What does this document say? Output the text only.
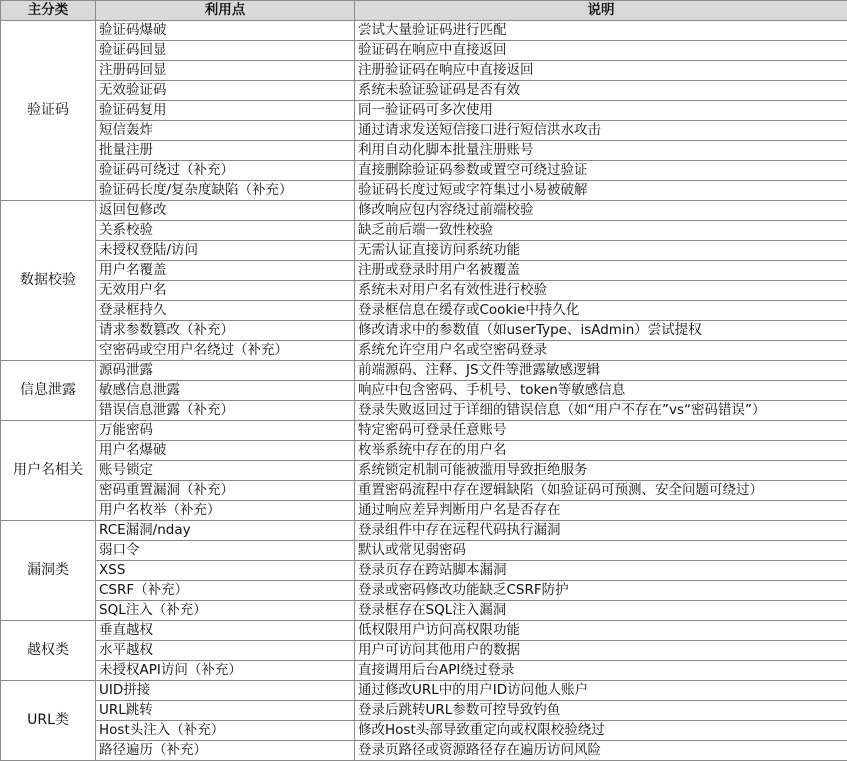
主分类	利用点	说明
验证码	验证码爆破	尝试大量验证码进行匹配
	验证码回显	验证码在响应中直接返回
	注册码回显	注册验证码在响应中直接返回
	无效验证码	系统未验证验证码是否有效
	验证码复用	同一验证码可多次使用
	短信轰炸	通过请求发送短信接口进行短信洪水攻击
	批量注册	利用自动化脚本批量注册账号
	验证码可绕过（补充）	直接删除验证码参数或置空可绕过验证
	验证码长度/复杂度缺陷（补充）	验证码长度过短或字符集过小易被破解
数据校验	返回包修改	修改响应包内容绕过前端校验
	关系校验	缺乏前后端一致性校验
	未授权登陆/访问	无需认证直接访问系统功能
	用户名覆盖	注册或登录时用户名被覆盖
	无效用户名	系统未对用户名有效性进行校验
	登录框持久	登录框信息在缓存或Cookie中持久化
	请求参数篡改（补充）	修改请求中的参数值（如userType、isAdmin）尝试提权
	空密码或空用户名绕过（补充）	系统允许空用户名或空密码登录
信息泄露	源码泄露	前端源码、注释、JS文件等泄露敏感逻辑
	敏感信息泄露	响应中包含密码、手机号、token等敏感信息
	错误信息泄露（补充）	登录失败返回过于详细的错误信息（如“用户不存在”vs“密码错误”）
用户名相关	万能密码	特定密码可登录任意账号
	用户名爆破	枚举系统中存在的用户名
	账号锁定	系统锁定机制可能被滥用导致拒绝服务
	密码重置漏洞（补充）	重置密码流程中存在逻辑缺陷（如验证码可预测、安全问题可绕过）
	用户名枚举（补充）	通过响应差异判断用户名是否存在
漏洞类	RCE漏洞/nday	登录组件中存在远程代码执行漏洞
	弱口令	默认或常见弱密码
	XSS	登录页存在跨站脚本漏洞
	CSRF（补充）	登录或密码修改功能缺乏CSRF防护
	SQL注入（补充）	登录框存在SQL注入漏洞
越权类	垂直越权	低权限用户访问高权限功能
	水平越权	用户可访问其他用户的数据
	未授权API访问（补充）	直接调用后台API绕过登录
URL类	UID拼接	通过修改URL中的用户ID访问他人账户
	URL跳转	登录后跳转URL参数可控导致钓鱼
	Host头注入（补充）	修改Host头部导致重定向或权限校验绕过
	路径遍历（补充）	登录页路径或资源路径存在遍历访问风险
